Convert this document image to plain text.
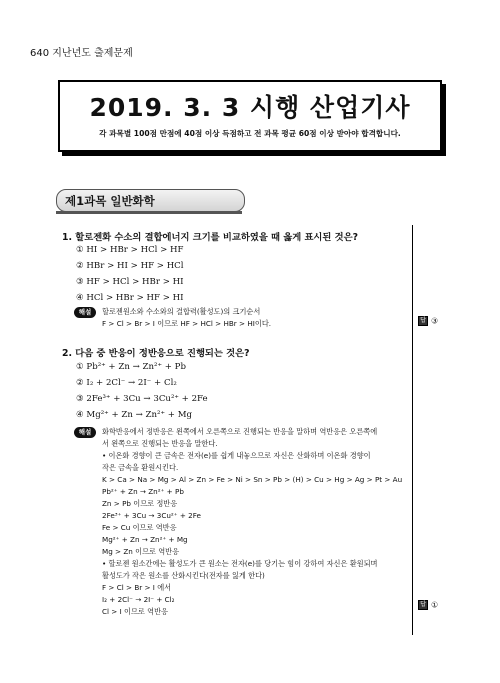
640 지난년도 출제문제
2019. 3. 3 시행 산업기사
각 과목별 100점 만점에 40점 이상 득점하고 전 과목 평균 60점 이상 받아야 합격합니다.
제1과목 일반화학
1. 할로젠화 수소의 결합에너지 크기를 비교하였을 때 옳게 표시된 것은?
① HI > HBr > HCl > HF
② HBr > HI > HF > HCl
③ HF > HCl > HBr > HI
④ HCl > HBr > HF > HI
해설	할로젠원소와 수소와의 결합력(활성도)의 크기순서
F > Cl > Br > I 이므로 HF > HCl > HBr > HI이다.	답 ③
2. 다음 중 반응이 정반응으로 진행되는 것은?
① Pb²⁺ + Zn → Zn²⁺ + Pb
② I₂ + 2Cl⁻ → 2I⁻ + Cl₂
③ 2Fe³⁺ + 3Cu → 3Cu²⁺ + 2Fe
④ Mg²⁺ + Zn → Zn²⁺ + Mg
해설	화학반응에서 정반응은 왼쪽에서 오른쪽으로 진행되는 반응을 말하며 역반응은 오른쪽에
서 왼쪽으로 진행되는 반응을 말한다.
• 이온화 경향이 큰 금속은 전자(e)를 쉽게 내놓으므로 자신은 산화하며 이온화 경향이
작은 금속을 환원시킨다.
K > Ca > Na > Mg > Al > Zn > Fe > Ni > Sn > Pb > (H) > Cu > Hg > Ag > Pt > Au
Pb²⁺ + Zn → Zn²⁺ + Pb
Zn > Pb 이므로 정반응
2Fe³⁺ + 3Cu → 3Cu²⁺ + 2Fe
Fe > Cu 이므로 역반응
Mg²⁺ + Zn → Zn²⁺ + Mg
Mg > Zn 이므로 역반응
• 할로젠 원소간에는 활성도가 큰 원소는 전자(e)를 당기는 힘이 강하여 자신은 환원되며
활성도가 작은 원소를 산화시킨다(전자를 잃게 한다)
F > Cl > Br > I 에서
I₂ + 2Cl⁻ → 2I⁻ + Cl₂
Cl > I 이므로 역반응
답 ①
